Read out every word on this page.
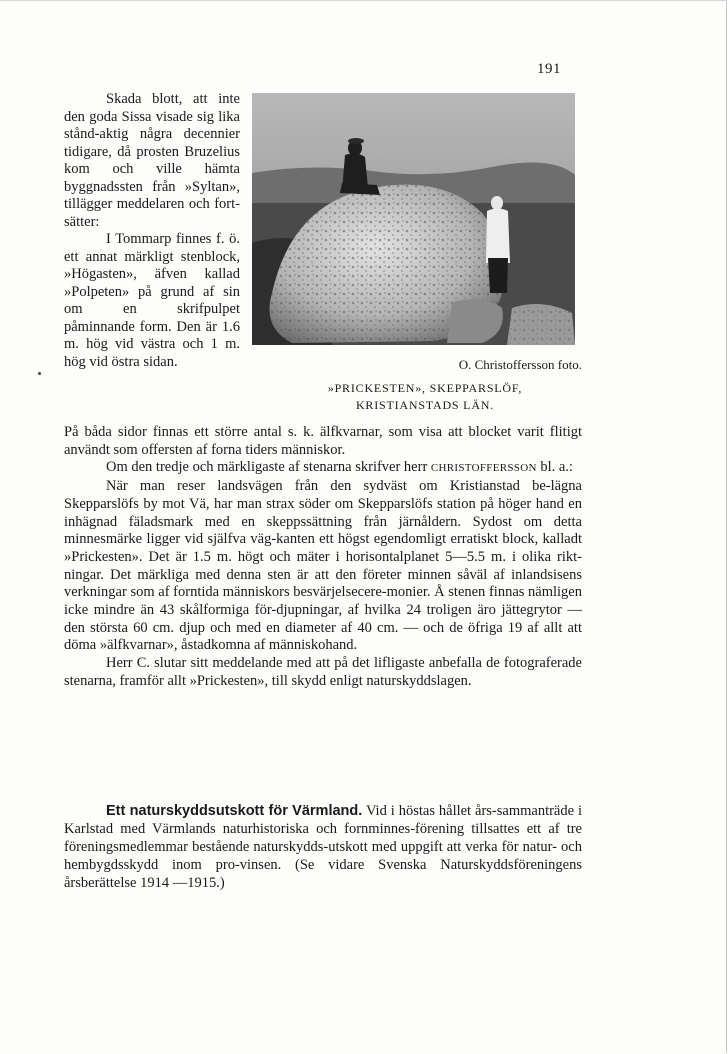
191

Skada blott, att inte den goda Sissa visade sig lika stånd-aktig några decennier tidigare, då prosten Bruzelius kom och ville hämta byggnadssten från »Syltan», tillägger meddelaren och fort-sätter:

I Tommarp finnes f. ö. ett annat märkligt stenblock, »Högasten», äfven kallad »Polpeten» på grund af sin om en skrifpulpet påminnande form. Den är 1.6 m. hög vid västra och 1 m. hög vid östra sidan.	O. Christoffersson foto.
»PRICKESTEN», SKEPPARSLÖF,
KRISTIANSTADS LÄN.

På båda sidor finnas ett större antal s. k. älfkvarnar, som visa att blocket varit flitigt användt som offersten af forna tiders människor.

Om den tredje och märkligaste af stenarna skrifver herr CHRISTOFFERSSON bl. a.:

När man reser landsvägen från den sydväst om Kristianstad be-lägna Skepparslöfs by mot Vä, har man strax söder om Skepparslöfs station på höger hand en inhägnad fäladsmark med en skeppssättning från järnåldern. Sydost om detta minnesmärke ligger vid själfva väg-kanten ett högst egendomligt erratiskt block, kalladt »Prickesten». Det är 1.5 m. högt och mäter i horisontalplanet 5—5.5 m. i olika rikt-ningar. Det märkliga med denna sten är att den företer minnen såväl af inlandsisens verkningar som af forntida människors besvärjelsecere-monier. Å stenen finnas nämligen icke mindre än 43 skålformiga för-djupningar, af hvilka 24 troligen äro jättegrytor — den största 60 cm. djup och med en diameter af 40 cm. — och de öfriga 19 af allt att döma »älfkvarnar», åstadkomna af människohand.

Herr C. slutar sitt meddelande med att på det lifligaste anbefalla de fotograferade stenarna, framför allt »Prickesten», till skydd enligt naturskyddslagen.

Ett naturskyddsutskott för Värmland. Vid i höstas hållet års-sammanträde i Karlstad med Värmlands naturhistoriska och fornminnes-förening tillsattes ett af tre föreningsmedlemmar bestående naturskydds-utskott med uppgift att verka för natur- och hembygdsskydd inom pro-vinsen. (Se vidare Svenska Naturskyddsföreningens årsberättelse 1914 —1915.)
